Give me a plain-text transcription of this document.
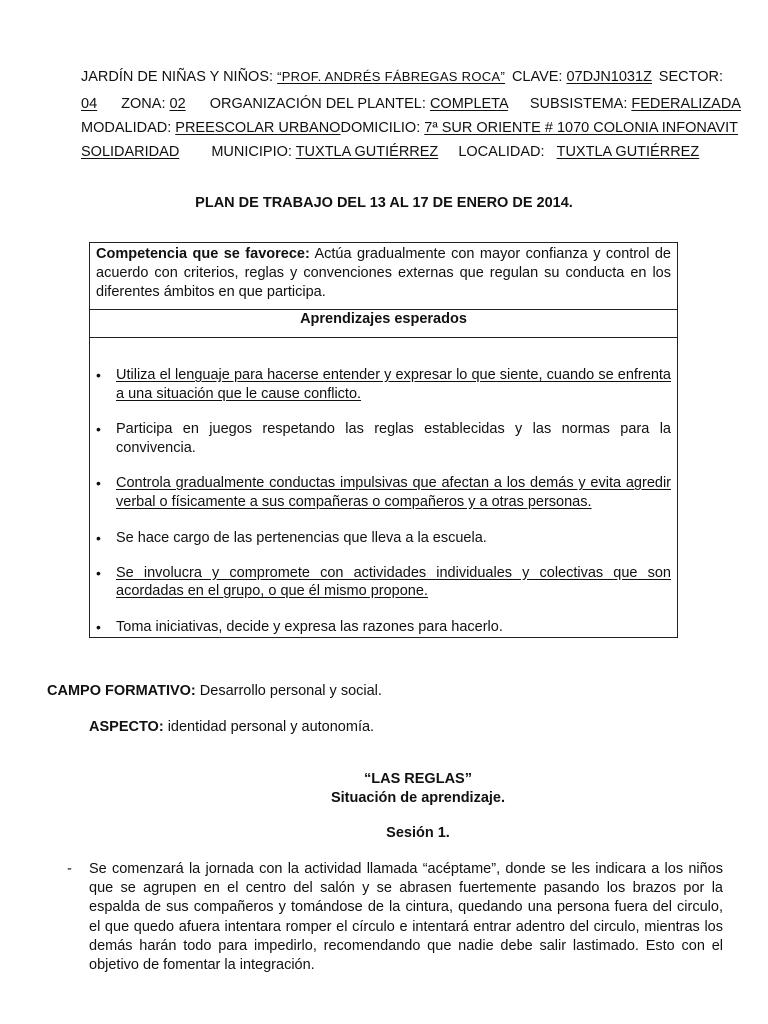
JARDÍN DE NIÑAS Y NIÑOS: “PROF. ANDRÉS FÁBREGAS ROCA” CLAVE: 07DJN1031Z SECTOR:
04 ZONA: 02 ORGANIZACIÓN DEL PLANTEL: COMPLETA SUBSISTEMA: FEDERALIZADA
MODALIDAD: PREESCOLAR URBANO DOMICILIO: 7ª SUR ORIENTE # 1070 COLONIA INFONAVIT
SOLIDARIDAD MUNICIPIO: TUXTLA GUTIÉRREZ LOCALIDAD: TUXTLA GUTIÉRREZ
PLAN DE TRABAJO DEL 13 AL 17 DE ENERO DE 2014.
Competencia que se favorece: Actúa gradualmente con mayor confianza y control de acuerdo con criterios, reglas y convenciones externas que regulan su conducta en los diferentes ámbitos en que participa.
Aprendizajes esperados

• Utiliza el lenguaje para hacerse entender y expresar lo que siente, cuando se enfrenta a una situación que le cause conflicto.
• Participa en juegos respetando las reglas establecidas y las normas para la convivencia.
• Controla gradualmente conductas impulsivas que afectan a los demás y evita agredir verbal o físicamente a sus compañeras o compañeros y a otras personas.
• Se hace cargo de las pertenencias que lleva a la escuela.
• Se involucra y compromete con actividades individuales y colectivas que son acordadas en el grupo, o que él mismo propone.
• Toma iniciativas, decide y expresa las razones para hacerlo.
CAMPO FORMATIVO: Desarrollo personal y social.
ASPECTO: identidad personal y autonomía.
“LAS REGLAS”
Situación de aprendizaje.
Sesión 1.
- Se comenzará la jornada con la actividad llamada “acéptame”, donde se les indicara a los niños que se agrupen en el centro del salón y se abrasen fuertemente pasando los brazos por la espalda de sus compañeros y tomándose de la cintura, quedando una persona fuera del circulo, el que quedo afuera intentara romper el círculo e intentará entrar adentro del circulo, mientras los demás harán todo para impedirlo, recomendando que nadie debe salir lastimado. Esto con el objetivo de fomentar la integración.
